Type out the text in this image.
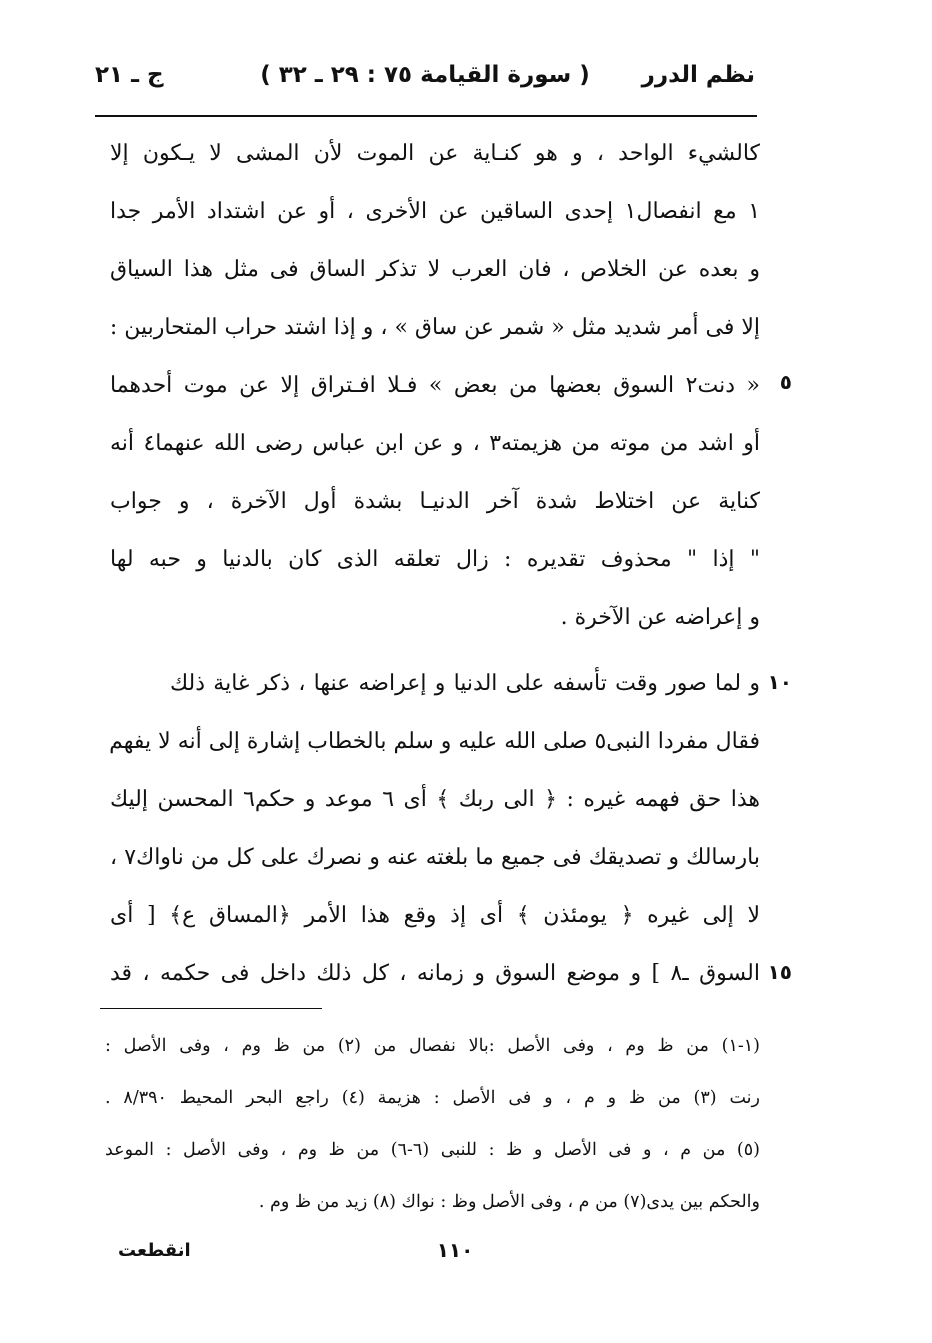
نظم الدرر
( سورة القيامة ٧٥ : ٢٩ ـ ٣٢ )
ج ـ ٢١
كالشيء الواحد ، و هو كنـاية عن الموت لأن المشى لا يـكون إلا
١ مع انفصال١ إحدى الساقين عن الأخرى ، أو عن اشتداد الأمر جدا
و بعده عن الخلاص ، فان العرب لا تذكر الساق فى مثل هذا السياق
إلا فى أمر شديد مثل « شمر عن ساق » ، و إذا اشتد حراب المتحاربين :
« دنت٢ السوق بعضها من بعض » فـلا افـتراق إلا عن موت أحدهما
أو اشد من موته من هزيمته٣ ، و عن ابن عباس رضى الله عنهما٤ أنه
كناية عن اختلاط شدة آخر الدنيـا بشدة أول الآخرة ، و جواب
" إذا " محذوف تقديره : زال تعلقه الذى كان بالدنيا و حبه لها
و إعراضه عن الآخرة .
و لما صور وقت تأسفه على الدنيا و إعراضه عنها ، ذكر غاية ذلك
فقال مفردا النبى٥ صلى الله عليه و سلم بالخطاب إشارة إلى أنه لا يفهم
هذا حق فهمه غيره : ﴿ الى ربك ﴾ أى ٦ موعد و حكم٦ المحسن إليك
بارسالك و تصديقك فى جميع ما بلغته عنه و نصرك على كل من ناواك٧ ،
لا إلى غيره ﴿ يومئذن ﴾ أى إذ وقع هذا الأمر ﴿المساق ع﴾ [ أى
السوق ـ٨ ] و موضع السوق و زمانه ، كل ذلك داخل فى حكمه ، قد
٥
١٠
١٥
(١-١) من ظ وم ، وفى الأصل :بالا نفصال من (٢) من ظ وم ، وفى الأصل :
رنت (٣) من ظ و م ، و فى الأصل : هزيمة (٤) راجع البحر المحيط ٨/٣٩٠ .
(٥) من م ، و فى الأصل و ظ : للنبى (٦-٦) من ظ وم ، وفى الأصل : الموعد
والحكم بين يدى(٧) من م ، وفى الأصل وظ : نواك (٨) زيد من ظ وم .
١١٠
انقطعت
